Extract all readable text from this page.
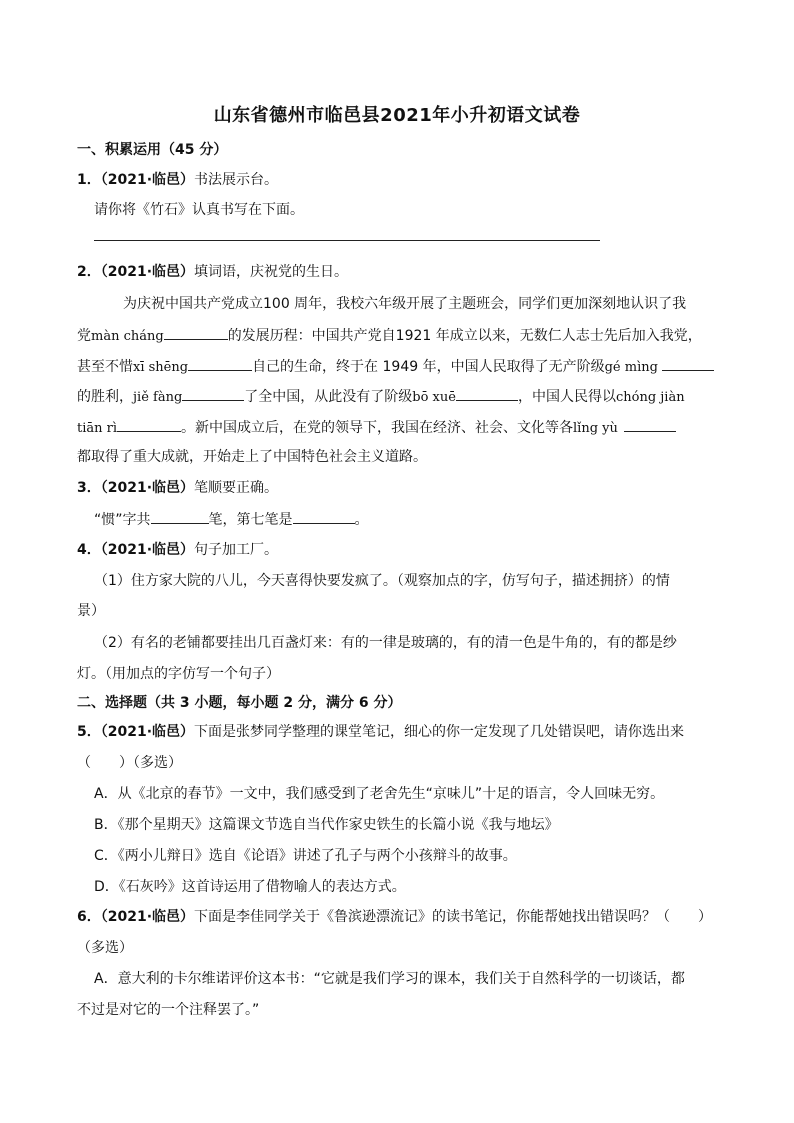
山东省德州市临邑县2021年小升初语文试卷
一、积累运用（45 分）
1．（2021·临邑）书法展示台。
请你将《竹石》认真书写在下面。
2．（2021·临邑）填词语，庆祝党的生日。
为庆祝中国共产党成立100 周年，我校六年级开展了主题班会，同学们更加深刻地认识了我
党màn cháng	的发展历程：中国共产党自1921 年成立以来，无数仁人志士先后加入我党，
甚至不惜xī shēng	自己的生命，终于在 1949 年，中国人民取得了无产阶级gé mìng
的胜利，jiě fàng	了全中国，从此没有了阶级bō xuē	，中国人民得以chóng jiàn
tiān rì	。新中国成立后，在党的领导下，我国在经济、社会、文化等各lǐng yù
都取得了重大成就，开始走上了中国特色社会主义道路。
3．（2021·临邑）笔顺要正确。
“惯”字共	笔，第七笔是	。
4．（2021·临邑）句子加工厂。
（1）住方家大院的八儿，今天喜得快要发疯了。（观察加点的字，仿写句子，描述拥挤）的情
景）
（2）有名的老铺都要挂出几百盏灯来：有的一律是玻璃的，有的清一色是牛角的，有的都是纱
灯。（用加点的字仿写一个句子）
二、选择题（共 3 小题，每小题 2 分，满分 6 分）
5．（2021·临邑）下面是张梦同学整理的课堂笔记，细心的你一定发现了几处错误吧，请你选出来
（　　）（多选）
A．从《北京的春节》一文中，我们感受到了老舍先生“京味儿”十足的语言，令人回味无穷。
B．《那个星期天》这篇课文节选自当代作家史铁生的长篇小说《我与地坛》
C．《两小儿辩日》选自《论语》讲述了孔子与两个小孩辩斗的故事。
D．《石灰吟》这首诗运用了借物喻人的表达方式。
6．（2021·临邑）下面是李佳同学关于《鲁滨逊漂流记》的读书笔记，你能帮她找出错误吗？（　　）
（多选）
A．意大利的卡尔维诺评价这本书：“它就是我们学习的课本，我们关于自然科学的一切谈话，都
不过是对它的一个注释罢了。”
